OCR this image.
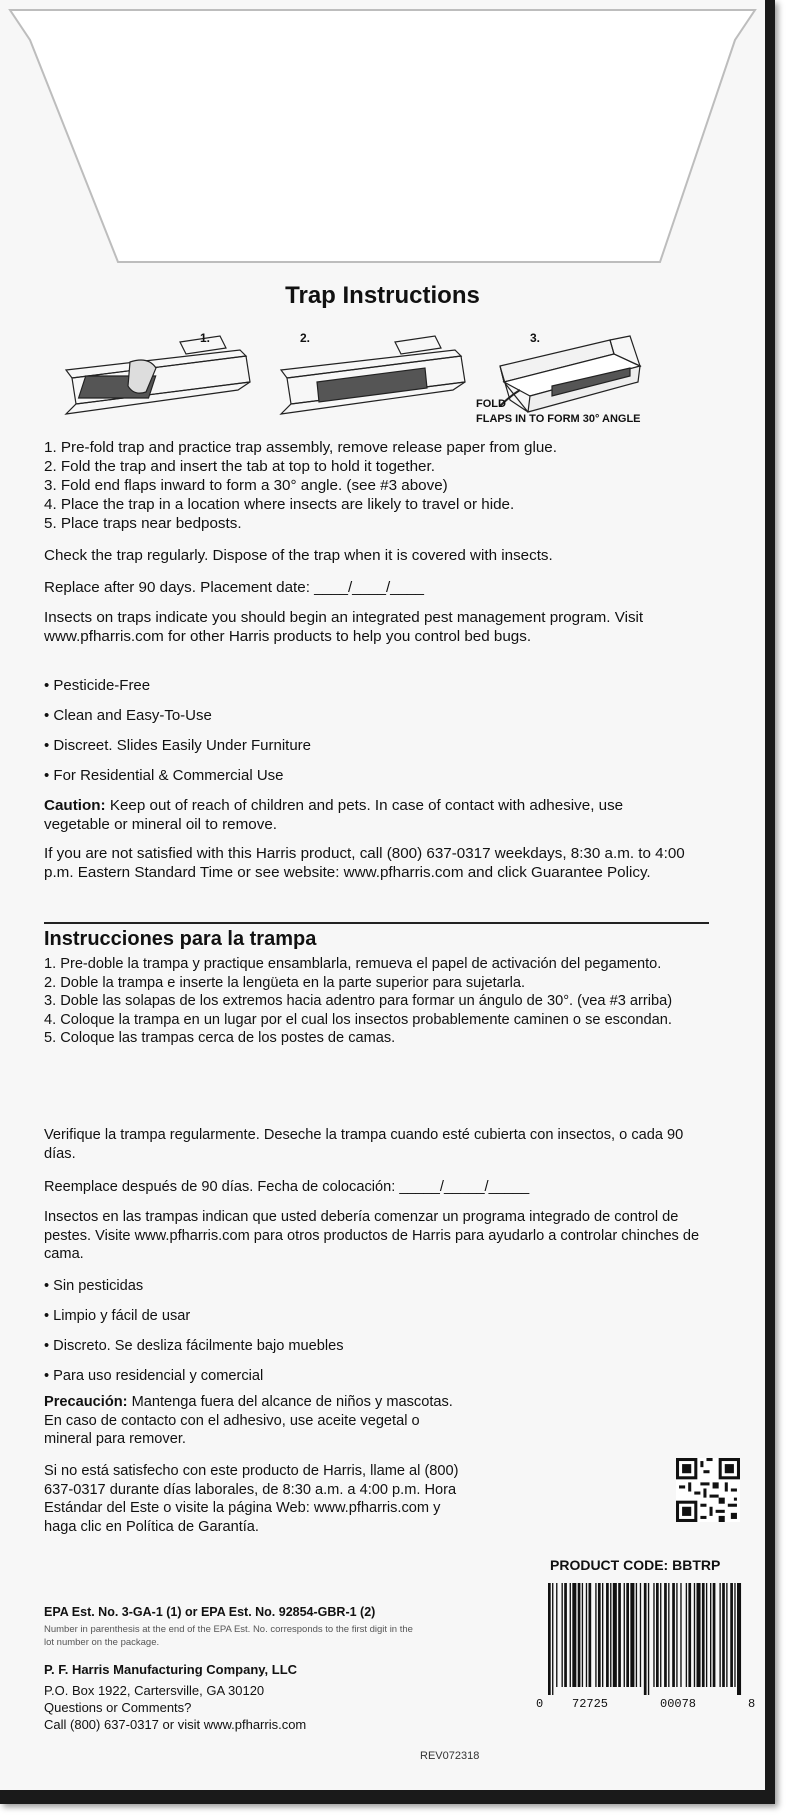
Trap Instructions
1.	2.	3.
FOLD
FLAPS IN TO FORM 30° ANGLE

1. Pre-fold trap and practice trap assembly, remove release paper from glue.

2. Fold the trap and insert the tab at top to hold it together.

3. Fold end flaps inward to form a 30° angle. (see #3 above)

4. Place the trap in a location where insects are likely to travel or hide.

5. Place traps near bedposts.

Check the trap regularly. Dispose of the trap when it is covered with insects.
Replace after 90 days. Placement date: ____/____/____
Insects on traps indicate you should begin an integrated pest management program. Visit www.pfharris.com for other Harris products to help you control bed bugs.
• Pesticide-Free
• Clean and Easy-To-Use
• Discreet. Slides Easily Under Furniture
• For Residential & Commercial Use
Caution: Keep out of reach of children and pets. In case of contact with adhesive, use vegetable or mineral oil to remove.
If you are not satisfied with this Harris product, call (800) 637-0317 weekdays, 8:30 a.m. to 4:00 p.m. Eastern Standard Time or see website: www.pfharris.com and click Guarantee Policy.
Instrucciones para la trampa

1. Pre-doble la trampa y practique ensamblarla, remueva el papel de activación del pegamento.

2. Doble la trampa e inserte la lengüeta en la parte superior para sujetarla.

3. Doble las solapas de los extremos hacia adentro para formar un ángulo de 30°. (vea #3 arriba)

4. Coloque la trampa en un lugar por el cual los insectos probablemente caminen o se escondan.

5. Coloque las trampas cerca de los postes de camas.

Verifique la trampa regularmente. Deseche la trampa cuando esté cubierta con insectos, o cada 90 días.
Reemplace después de 90 días. Fecha de colocación: _____/_____/_____
Insectos en las trampas indican que usted debería comenzar un programa integrado de control de pestes. Visite www.pfharris.com para otros productos de Harris para ayudarlo a controlar chinches de cama.
• Sin pesticidas
• Limpio y fácil de usar
• Discreto. Se desliza fácilmente bajo muebles
• Para uso residencial y comercial
Precaución: Mantenga fuera del alcance de niños y mascotas. En caso de contacto con el adhesivo, use aceite vegetal o mineral para remover.
Si no está satisfecho con este producto de Harris, llame al (800) 637-0317 durante días laborales, de 8:30 a.m. a 4:00 p.m. Hora Estándar del Este o visite la página Web: www.pfharris.com y haga clic en Política de Garantía.
PRODUCT CODE: BBTRP
0 72725	00078	8
EPA Est. No. 3-GA-1 (1) or EPA Est. No. 92854-GBR-1 (2)
Number in parenthesis at the end of the EPA Est. No. corresponds to the first digit in the lot number on the package.
P. F. Harris Manufacturing Company, LLC
P.O. Box 1922, Cartersville, GA 30120
Questions or Comments?
Call (800) 637-0317 or visit www.pfharris.com
REV072318
